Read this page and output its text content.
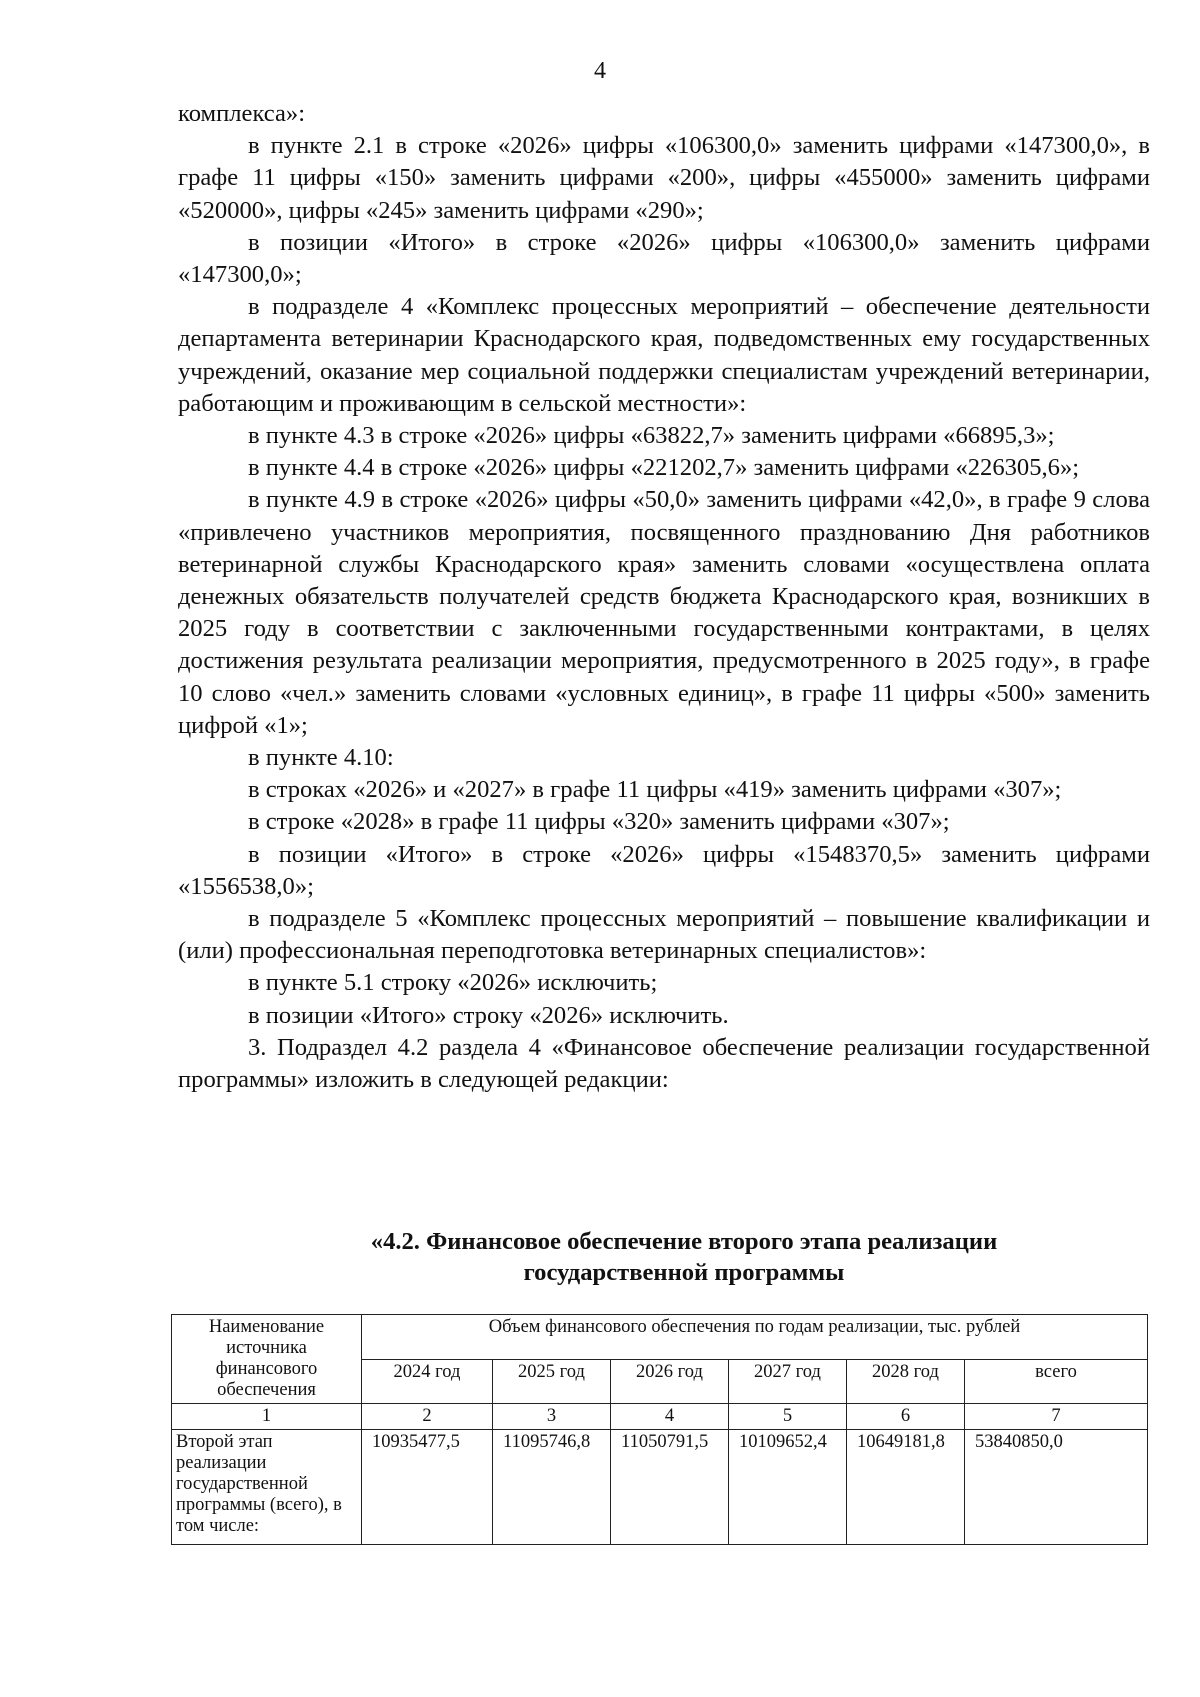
4

комплекса»:

в пункте 2.1 в строке «2026» цифры «106300,0» заменить цифрами «147300,0», в графе 11 цифры «150» заменить цифрами «200», цифры «455000» заменить цифрами «520000», цифры «245» заменить цифрами «290»;

в позиции «Итого» в строке «2026» цифры «106300,0» заменить цифрами «147300,0»;

в подразделе 4 «Комплекс процессных мероприятий – обеспечение деятельности департамента ветеринарии Краснодарского края, подведомственных ему государственных учреждений, оказание мер социальной поддержки специалистам учреждений ветеринарии, работающим и проживающим в сельской местности»:

в пункте 4.3 в строке «2026» цифры «63822,7» заменить цифрами «66895,3»;

в пункте 4.4 в строке «2026» цифры «221202,7» заменить цифрами «226305,6»;

в пункте 4.9 в строке «2026» цифры «50,0» заменить цифрами «42,0», в графе 9 слова «привлечено участников мероприятия, посвященного празднованию Дня работников ветеринарной службы Краснодарского края» заменить словами «осуществлена оплата денежных обязательств получателей средств бюджета Краснодарского края, возникших в 2025 году в соответствии с заключенными государственными контрактами, в целях достижения результата реализации мероприятия, предусмотренного в 2025 году», в графе 10 слово «чел.» заменить словами «условных единиц», в графе 11 цифры «500» заменить цифрой «1»;

в пункте 4.10:

в строках «2026» и «2027» в графе 11 цифры «419» заменить цифрами «307»;

в строке «2028» в графе 11 цифры «320» заменить цифрами «307»;

в позиции «Итого» в строке «2026» цифры «1548370,5» заменить цифрами «1556538,0»;

в подразделе 5 «Комплекс процессных мероприятий – повышение квалификации и (или) профессиональная переподготовка ветеринарных специалистов»:

в пункте 5.1 строку «2026» исключить;

в позиции «Итого» строку «2026» исключить.

3. Подраздел 4.2 раздела 4 «Финансовое обеспечение реализации государственной программы» изложить в следующей редакции:

«4.2. Финансовое обеспечение второго этапа реализации
государственной программы
Наименование источника финансового обеспечения	Объем финансового обеспечения по годам реализации, тыс. рублей					
	2024 год	2025 год	2026 год	2027 год	2028 год	всего
1	2	3	4	5	6	7
Второй этап реализации государственной программы (всего), в том числе:	10935477,5	11095746,8	11050791,5	10109652,4	10649181,8	53840850,0
